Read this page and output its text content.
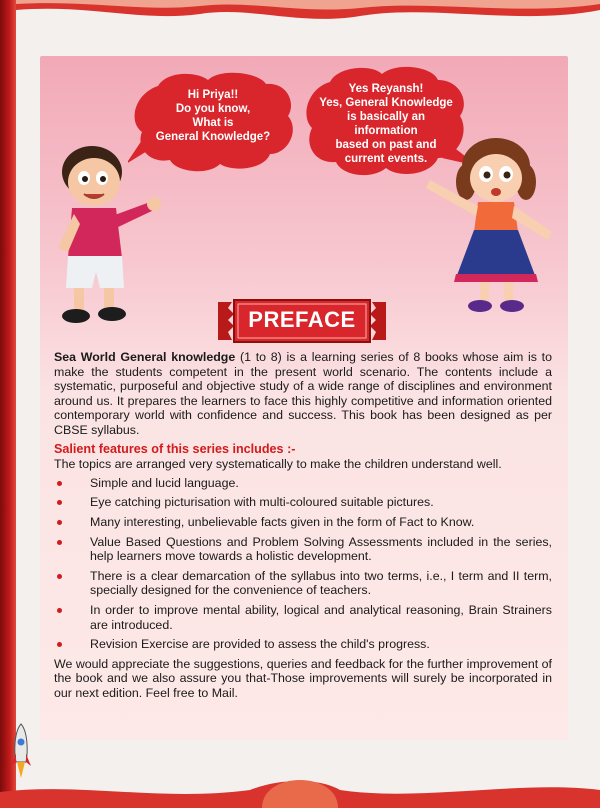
Hi Priya!!
Do you know,
What is
General Knowledge?
Yes Reyansh!
Yes, General Knowledge
is basically an
information
based on past and
current events.
PREFACE

Sea World General knowledge (1 to 8) is a learning series of 8 books whose aim is to make the students competent in the present world scenario. The contents include a systematic, purposeful and objective study of a wide range of disciplines and environment around us. It prepares the learners to face this highly competitive and information oriented contemporary world with confidence and success. This book has been designed as per CBSE syllabus.

Salient features of this series includes :-

The topics are arranged very systematically to make the children understand well.

Simple and lucid language.
Eye catching picturisation with multi-coloured suitable pictures.
Many interesting, unbelievable facts given in the form of Fact to Know.
Value Based Questions and Problem Solving Assessments included in the series, help learners move towards a holistic development.
There is a clear demarcation of the syllabus into two terms, i.e., I term and II term, specially designed for the convenience of teachers.
In order to improve mental ability, logical and analytical reasoning, Brain Strainers are introduced.
Revision Exercise are provided to assess the child's progress.

We would appreciate the suggestions, queries and feedback for the further improvement of the book and we also assure you that-Those improvements will surely be incorporated in our next edition. Feel free to Mail.
